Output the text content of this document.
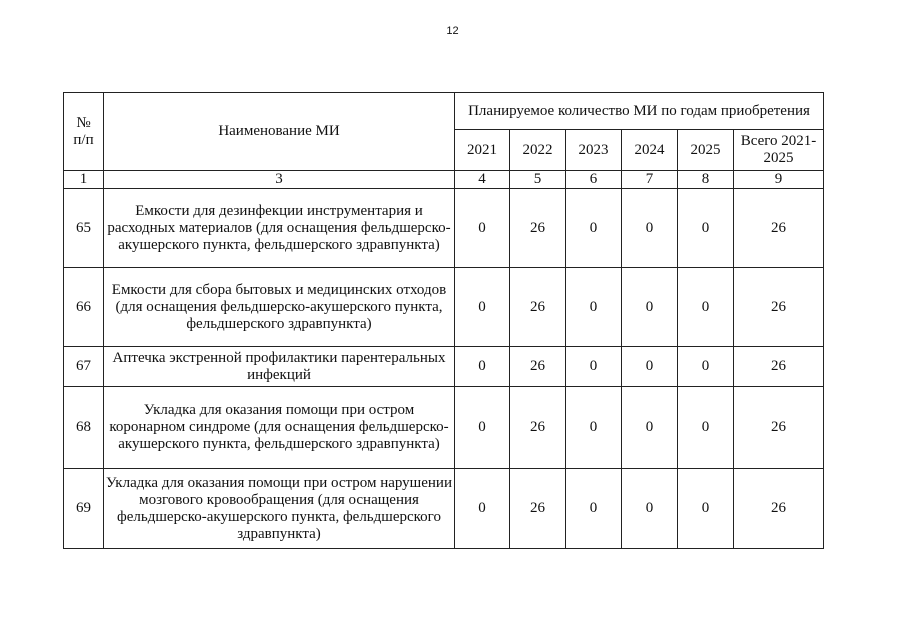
12
№
п/п	Наименование МИ	Планируемое количество МИ по годам приобретения					
		2021	2022	2023	2024	2025	Всего 2021-2025
1	3	4	5	6	7	8	9
65	Емкости для дезинфекции инструментария и расходных материалов (для оснащения фельдшерско-акушерского пункта, фельдшерского здравпункта)	0	26	0	0	0	26
66	Емкости для сбора бытовых и медицинских отходов (для оснащения фельдшерско-акушерского пункта, фельдшерского здравпункта)	0	26	0	0	0	26
67	Аптечка экстренной профилактики парентеральных инфекций	0	26	0	0	0	26
68	Укладка для оказания помощи при остром коронарном синдроме (для оснащения фельдшерско-акушерского пункта, фельдшерского здравпункта)	0	26	0	0	0	26
69	Укладка для оказания помощи при остром нарушении мозгового кровообращения (для оснащения фельдшерско-акушерского пункта, фельдшерского здравпункта)	0	26	0	0	0	26
